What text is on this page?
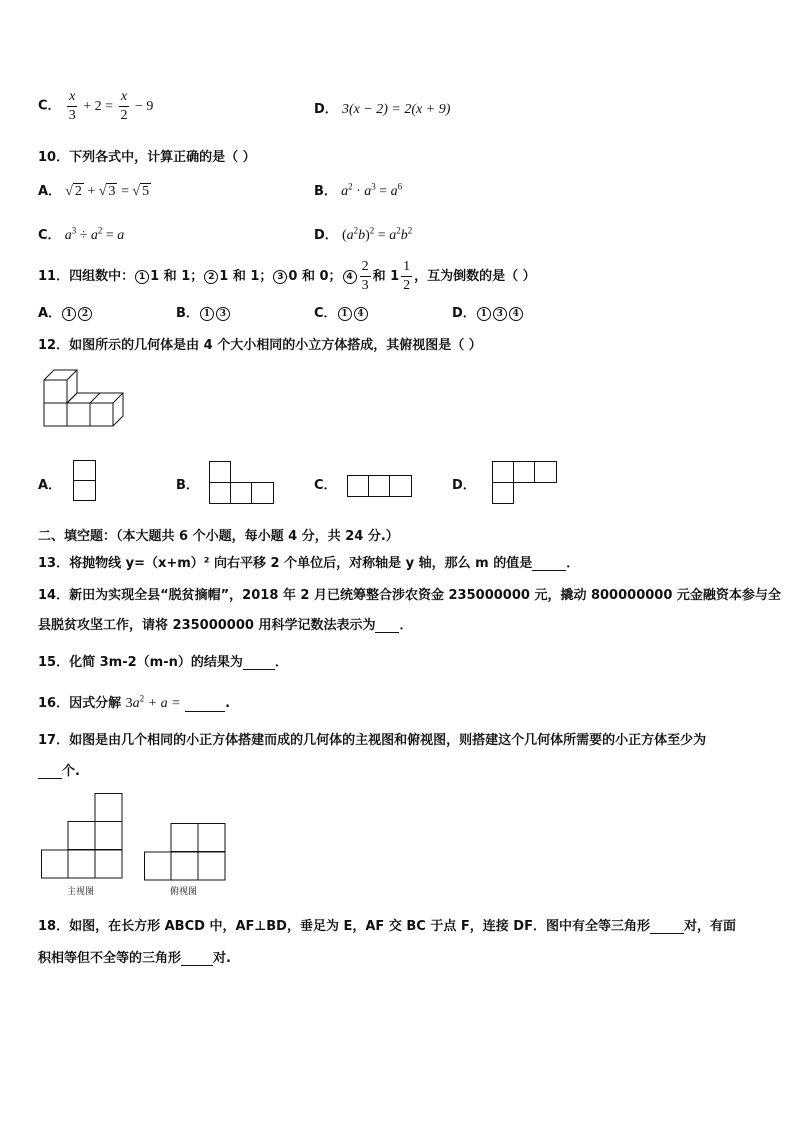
C． $\frac{x}{3} + 2 = \frac{x}{2} - 9$	D． 3(x − 2) = 2(x + 9)
10．下列各式中，计算正确的是（ ）
A． √ 2 + √ 3 = √ 5	B． $a^2 \cdot a^3 = a^6$
C． $a^3 \div a^2 = a$	D． $(a^2b)^2 = a^2b^2$
11．四组数中： 1 1 和 1； 2 1 和 1； 3 0 和 0； $4 \frac{2}{3}$ 和 $1 \frac{1}{2}$ ，互为倒数的是（ ）
A． 1 2	B． 1 3	C． 1 4	D． 1 3 4
12．如图所示的几何体是由 4 个大小相同的小立方体搭成，其俯视图是（ ）
A．	B．	C．	D．
二、填空题：（本大题共 6 个小题，每小题 4 分，共 24 分.）
13．将抛物线 y=（x+m）² 向右平移 2 个单位后，对称轴是 y 轴，那么 m 的值是	．
14．新田为实现全县“脱贫摘帽”，2018 年 2 月已统筹整合涉农资金 235000000 元，撬动 800000000 元金融资本参与全
县脱贫攻坚工作，请将 235000000 用科学记数法表示为 ．
15．化简 3m-2（m-n）的结果为 ．
16．因式分解 $3a^2 + a$ =	.
17．如图是由几个相同的小正方体搭建而成的几何体的主视图和俯视图，则搭建这个几何体所需要的小正方体至少为
个.
主视图	俯视图
18．如图，在长方形 ABCD 中，AF⊥BD，垂足为 E，AF 交 BC 于点 F，连接 DF．图中有全等三角形	对，有面
积相等但不全等的三角形 对.
